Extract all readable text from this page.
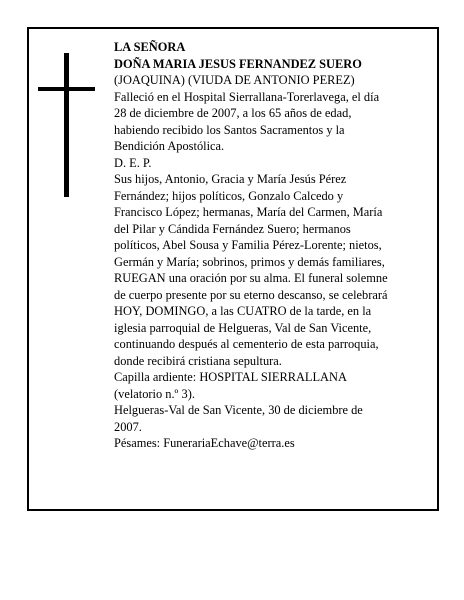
LA SEÑORA
DOÑA MARIA JESUS FERNANDEZ SUERO
(JOAQUINA) (VIUDA DE ANTONIO PEREZ)
Falleció en el Hospital Sierrallana-Torerlavega, el día
28 de diciembre de 2007, a los 65 años de edad,
habiendo recibido los Santos Sacramentos y la
Bendición Apostólica.
D. E. P.
Sus hijos, Antonio, Gracia y María Jesús Pérez
Fernández; hijos políticos, Gonzalo Calcedo y
Francisco López; hermanas, María del Carmen, María
del Pilar y Cándida Fernández Suero; hermanos
políticos, Abel Sousa y Familia Pérez-Lorente; nietos,
Germán y María; sobrinos, primos y demás familiares,
RUEGAN una oración por su alma. El funeral solemne
de cuerpo presente por su eterno descanso, se celebrará
HOY, DOMINGO, a las CUATRO de la tarde, en la
iglesia parroquial de Helgueras, Val de San Vicente,
continuando después al cementerio de esta parroquia,
donde recibirá cristiana sepultura.
Capilla ardiente: HOSPITAL SIERRALLANA
(velatorio n.º 3).
Helgueras-Val de San Vicente, 30 de diciembre de
2007.
Pésames: FunerariaEchave@terra.es
